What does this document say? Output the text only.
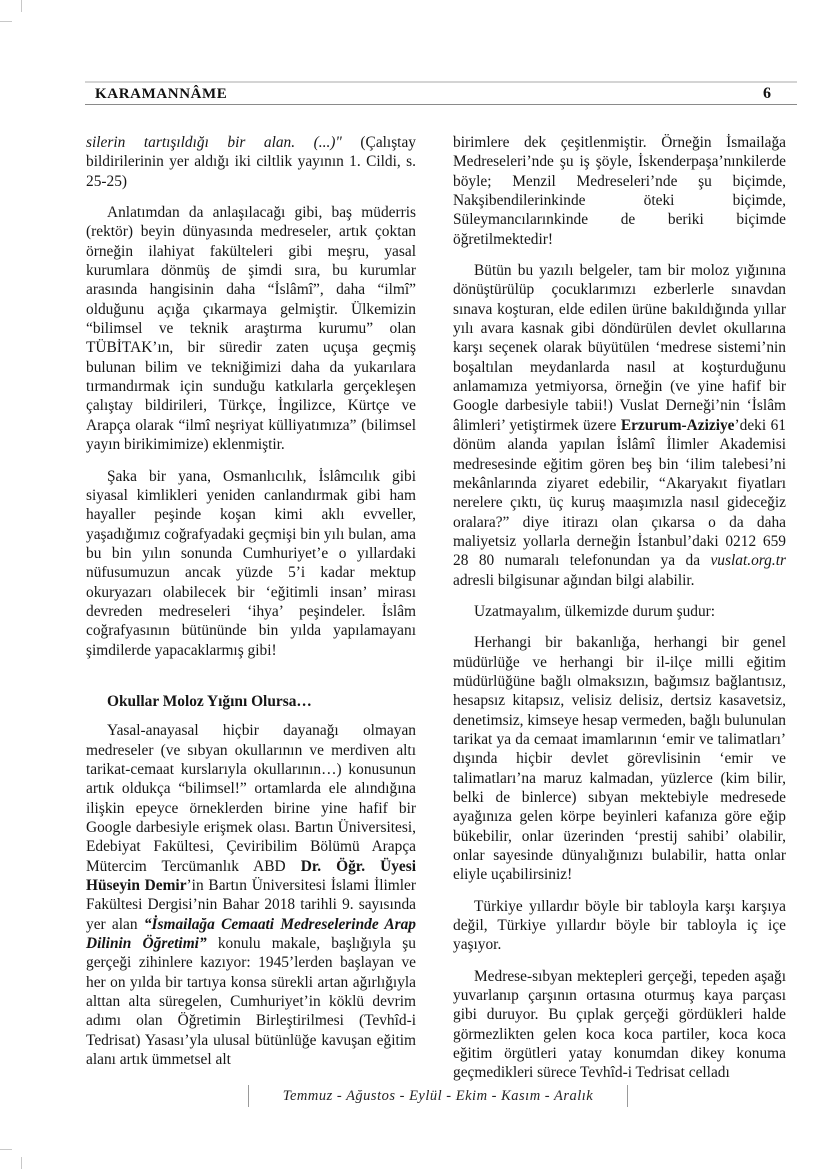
KARAMANNÂME	6

silerin tartışıldığı bir alan. (...)" (Çalıştay bildirilerinin yer aldığı iki ciltlik yayının 1. Cildi, s. 25-25)

Anlatımdan da anlaşılacağı gibi, baş müderris (rektör) beyin dünyasında medreseler, artık çoktan örneğin ilahiyat fakülteleri gibi meşru, yasal kurumlara dönmüş de şimdi sıra, bu kurumlar arasında hangisinin daha “İslâmî”, daha “ilmî” olduğunu açığa çıkarmaya gelmiştir. Ülkemizin “bilimsel ve teknik araştırma kurumu” olan TÜBİTAK’ın, bir süredir zaten uçuşa geçmiş bulunan bilim ve tekniğimizi daha da yukarılara tırmandırmak için sunduğu katkılarla gerçekleşen çalıştay bildirileri, Türkçe, İngilizce, Kürtçe ve Arapça olarak “ilmî neşriyat külliyatımıza” (bilimsel yayın birikimimize) eklenmiştir.

Şaka bir yana, Osmanlıcılık, İslâmcılık gibi siyasal kimlikleri yeniden canlandırmak gibi ham hayaller peşinde koşan kimi aklı evveller, yaşadığımız coğrafyadaki geçmişi bin yılı bulan, ama bu bin yılın sonunda Cumhuriyet’e o yıllardaki nüfusumuzun ancak yüzde 5’i kadar mektup okuryazarı olabilecek bir ‘eğitimli insan’ mirası devreden medreseleri ‘ihya’ peşindeler. İslâm coğrafyasının bütününde bin yılda yapılamayanı şimdilerde yapacaklarmış gibi!

Okullar Moloz Yığını Olursa…

Yasal-anayasal hiçbir dayanağı olmayan medreseler (ve sıbyan okullarının ve merdiven altı tarikat-cemaat kurslarıyla okullarının…) konusunun artık oldukça “bilimsel!” ortamlarda ele alındığına ilişkin epeyce örneklerden birine yine hafif bir Google darbesiyle erişmek olası. Bartın Üniversitesi, Edebiyat Fakültesi, Çeviribilim Bölümü Arapça Mütercim Tercümanlık ABD Dr. Öğr. Üyesi Hüseyin Demir’in Bartın Üniversitesi İslami İlimler Fakültesi Dergisi’nin Bahar 2018 tarihli 9. sayısında yer alan “İsmailağa Cemaati Medreselerinde Arap Dilinin Öğretimi” konulu makale, başlığıyla şu gerçeği zihinlere kazıyor: 1945’lerden başlayan ve her on yılda bir tartıya konsa sürekli artan ağırlığıyla alttan alta süregelen, Cumhuriyet’in köklü devrim adımı olan Öğretimin Birleştirilmesi (Tevhîd-i Tedrisat) Yasası’yla ulusal bütünlüğe kavuşan eğitim alanı artık ümmetsel alt

birimlere dek çeşitlenmiştir. Örneğin İsmailağa Medreseleri’nde şu iş şöyle, İskenderpaşa’nınkilerde böyle; Menzil Medreseleri’nde şu biçimde, Nakşibendilerinkinde öteki biçimde, Süleymancılarınkinde de beriki biçimde öğretilmektedir!

Bütün bu yazılı belgeler, tam bir moloz yığınına dönüştürülüp çocuklarımızı ezberlerle sınavdan sınava koşturan, elde edilen ürüne bakıldığında yıllar yılı avara kasnak gibi döndürülen devlet okullarına karşı seçenek olarak büyütülen ‘medrese sistemi’nin boşaltılan meydanlarda nasıl at koşturduğunu anlamamıza yetmiyorsa, örneğin (ve yine hafif bir Google darbesiyle tabii!) Vuslat Derneği’nin ‘İslâm âlimleri’ yetiştirmek üzere Erzurum-Aziziye’deki 61 dönüm alanda yapılan İslâmî İlimler Akademisi medresesinde eğitim gören beş bin ‘ilim talebesi’ni mekânlarında ziyaret edebilir, “Akaryakıt fiyatları nerelere çıktı, üç kuruş maaşımızla nasıl gideceğiz oralara?” diye itirazı olan çıkarsa o da daha maliyetsiz yollarla derneğin İstanbul’daki 0212 659 28 80 numaralı telefonundan ya da vuslat.org.tr adresli bilgisunar ağından bilgi alabilir.

Uzatmayalım, ülkemizde durum şudur:

Herhangi bir bakanlığa, herhangi bir genel müdürlüğe ve herhangi bir il-ilçe milli eğitim müdürlüğüne bağlı olmaksızın, bağımsız bağlantısız, hesapsız kitapsız, velisiz delisiz, dertsiz kasavetsiz, denetimsiz, kimseye hesap vermeden, bağlı bulunulan tarikat ya da cemaat imamlarının ‘emir ve talimatları’ dışında hiçbir devlet görevlisinin ‘emir ve talimatları’na maruz kalmadan, yüzlerce (kim bilir, belki de binlerce) sıbyan mektebiyle medresede ayağınıza gelen körpe beyinleri kafanıza göre eğip bükebilir, onlar üzerinden ‘prestij sahibi’ olabilir, onlar sayesinde dünyalığınızı bulabilir, hatta onlar eliyle uçabilirsiniz!

Türkiye yıllardır böyle bir tabloyla karşı karşıya değil, Türkiye yıllardır böyle bir tabloyla iç içe yaşıyor.

Medrese-sıbyan mektepleri gerçeği, tepeden aşağı yuvarlanıp çarşının ortasına oturmuş kaya parçası gibi duruyor. Bu çıplak gerçeği gördükleri halde görmezlikten gelen koca koca partiler, koca koca eğitim örgütleri yatay konumdan dikey konuma geçmedikleri sürece Tevhîd-i Tedrisat celladı

Temmuz - Ağustos - Eylül - Ekim - Kasım - Aralık
